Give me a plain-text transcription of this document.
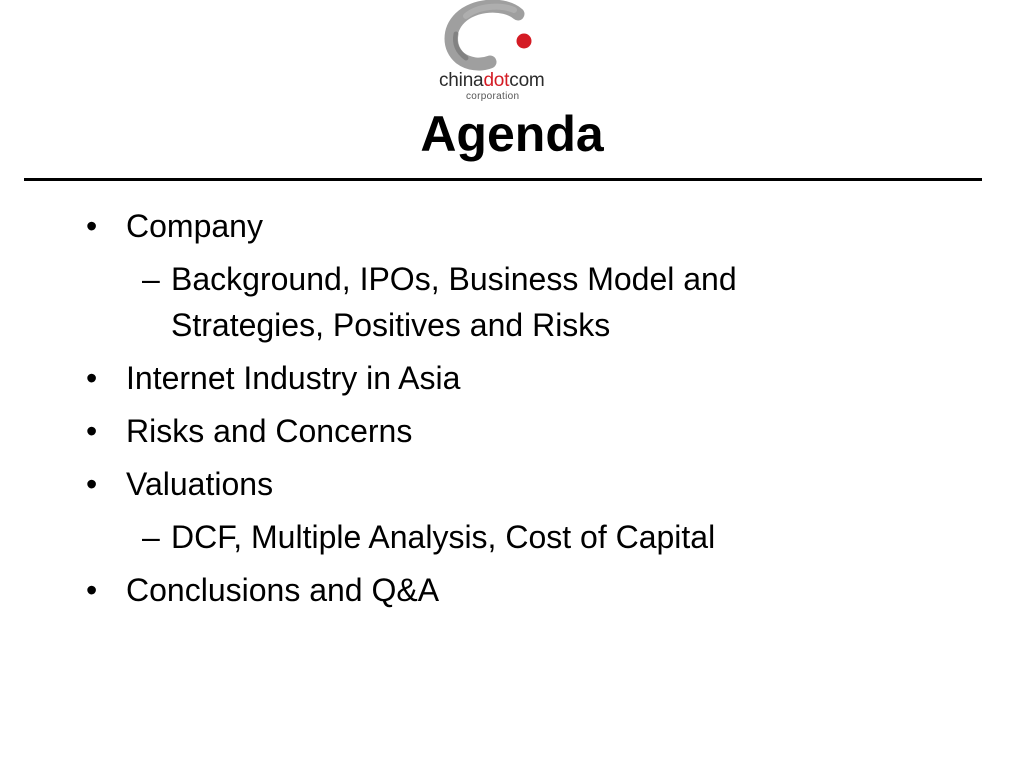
chinadotcom
corporation
Agenda
• Company
– Background, IPOs, Business Model and Strategies, Positives and Risks
• Internet Industry in Asia
• Risks and Concerns
• Valuations
– DCF, Multiple Analysis, Cost of Capital
• Conclusions and Q&A
